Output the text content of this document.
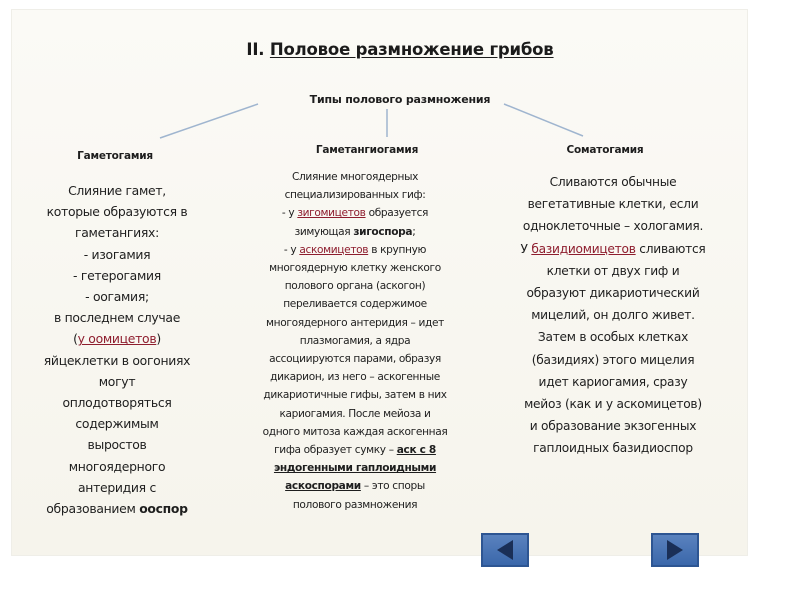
II. Половое размножение грибов
Типы полового размножения
Гаметогамия	Гаметангиогамия	Соматогамия
Слияние гамет,
которые образуются в
гаметангиях:
- изогамия
- гетерогамия
- оогамия;
в последнем случае
(у оомицетов)
яйцеклетки в оогониях
могут
оплодотворяться
содержимым
выростов
многоядерного
антеридия с
образованием ооспор
Слияние многоядерных
специализированных гиф:
- у зигомицетов образуется
зимующая зигоспора;
- у аскомицетов в крупную
многоядерную клетку женского
полового органа (аскогон)
переливается содержимое
многоядерного антеридия – идет
плазмогамия, а ядра
ассоциируются парами, образуя
дикарион, из него – аскогенные
дикариотичные гифы, затем в них
кариогамия. После мейоза и
одного митоза каждая аскогенная
гифа образует сумку – аск с 8
эндогенными гаплоидными
аскоспорами – это споры
полового размножения
Сливаются обычные
вегетативные клетки, если
одноклеточные – хологамия.
У базидиомицетов сливаются
клетки от двух гиф и
образуют дикариотический
мицелий, он долго живет.
Затем в особых клетках
(базидиях) этого мицелия
идет кариогамия, сразу
мейоз (как и у аскомицетов)
и образование экзогенных
гаплоидных базидиоспор
